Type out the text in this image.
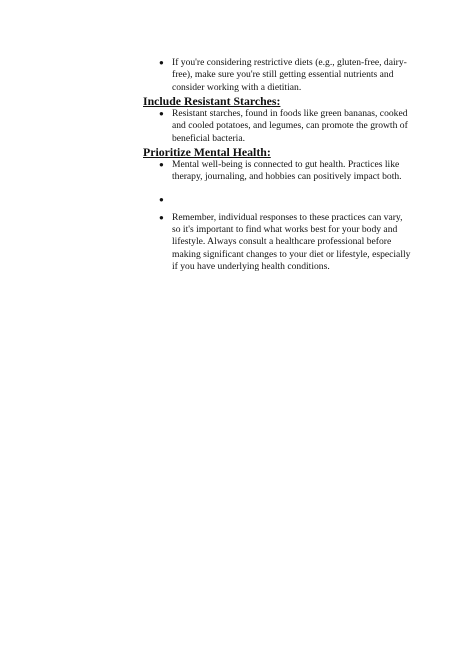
● If you're considering restrictive diets (e.g., gluten-free, dairy-free), make sure you're still getting essential nutrients and consider working with a dietitian.
Include Resistant Starches:
● Resistant starches, found in foods like green bananas, cooked and cooled potatoes, and legumes, can promote the growth of beneficial bacteria.
Prioritize Mental Health:
● Mental well-being is connected to gut health. Practices like therapy, journaling, and hobbies can positively impact both.
●
● Remember, individual responses to these practices can vary, so it's important to find what works best for your body and lifestyle. Always consult a healthcare professional before making significant changes to your diet or lifestyle, especially if you have underlying health conditions.
